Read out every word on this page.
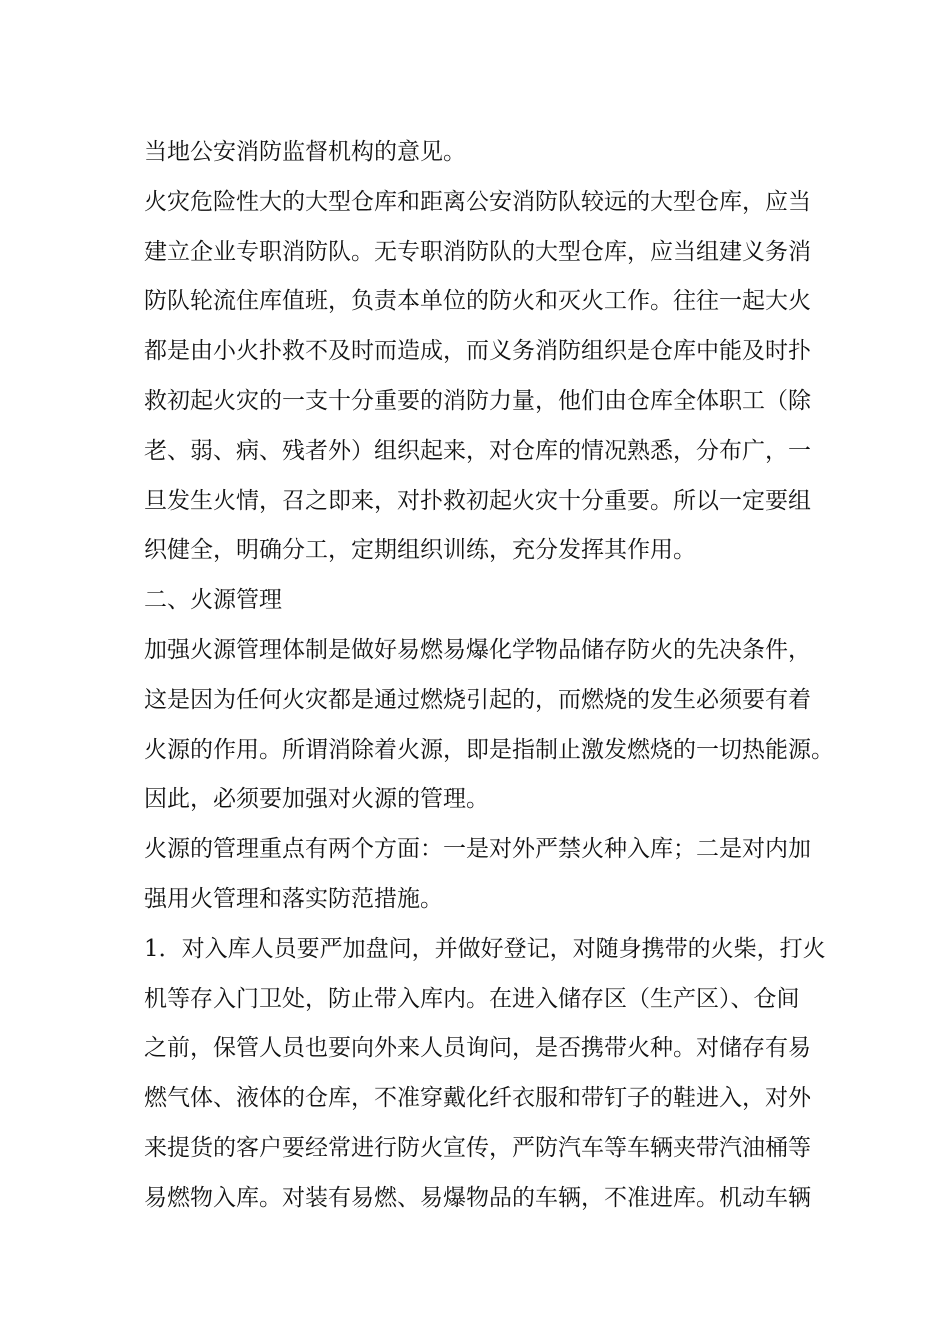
当地公安消防监督机构的意见。
火灾危险性大的大型仓库和距离公安消防队较远的大型仓库，应当
建立企业专职消防队。无专职消防队的大型仓库，应当组建义务消
防队轮流住库值班，负责本单位的防火和灭火工作。往往一起大火
都是由小火扑救不及时而造成，而义务消防组织是仓库中能及时扑
救初起火灾的一支十分重要的消防力量，他们由仓库全体职工（除
老、弱、病、残者外）组织起来，对仓库的情况熟悉，分布广，一
旦发生火情，召之即来，对扑救初起火灾十分重要。所以一定要组
织健全，明确分工，定期组织训练，充分发挥其作用。
二、火源管理
加强火源管理体制是做好易燃易爆化学物品储存防火的先决条件，
这是因为任何火灾都是通过燃烧引起的，而燃烧的发生必须要有着
火源的作用。所谓消除着火源，即是指制止激发燃烧的一切热能源。
因此，必须要加强对火源的管理。
火源的管理重点有两个方面：一是对外严禁火种入库；二是对内加
强用火管理和落实防范措施。
1．对入库人员要严加盘问，并做好登记，对随身携带的火柴，打火
机等存入门卫处，防止带入库内。在进入储存区（生产区）、仓间
之前，保管人员也要向外来人员询问，是否携带火种。对储存有易
燃气体、液体的仓库，不准穿戴化纤衣服和带钉子的鞋进入，对外
来提货的客户要经常进行防火宣传，严防汽车等车辆夹带汽油桶等
易燃物入库。对装有易燃、易爆物品的车辆，不准进库。机动车辆
